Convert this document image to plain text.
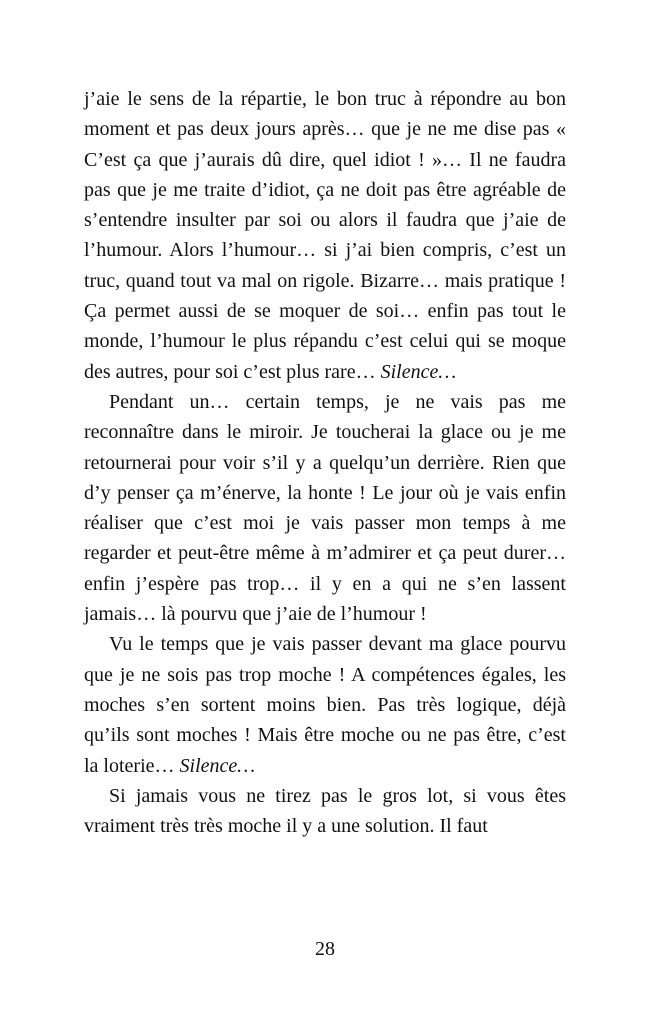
j’aie le sens de la répartie, le bon truc à répondre au bon moment et pas deux jours après… que je ne me dise pas « C’est ça que j’aurais dû dire, quel idiot ! »… Il ne faudra pas que je me traite d’idiot, ça ne doit pas être agréable de s’entendre insulter par soi ou alors il faudra que j’aie de l’humour. Alors l’humour… si j’ai bien compris, c’est un truc, quand tout va mal on rigole. Bizarre… mais pratique ! Ça permet aussi de se moquer de soi… enfin pas tout le monde, l’humour le plus répandu c’est celui qui se moque des autres, pour soi c’est plus rare… Silence…

Pendant un… certain temps, je ne vais pas me reconnaître dans le miroir. Je toucherai la glace ou je me retournerai pour voir s’il y a quelqu’un derrière. Rien que d’y penser ça m’énerve, la honte ! Le jour où je vais enfin réaliser que c’est moi je vais passer mon temps à me regarder et peut-être même à m’admirer et ça peut durer… enfin j’espère pas trop… il y en a qui ne s’en lassent jamais… là pourvu que j’aie de l’humour !

Vu le temps que je vais passer devant ma glace pourvu que je ne sois pas trop moche ! A compétences égales, les moches s’en sortent moins bien. Pas très logique, déjà qu’ils sont moches ! Mais être moche ou ne pas être, c’est la loterie… Silence…

Si jamais vous ne tirez pas le gros lot, si vous êtes vraiment très très moche il y a une solution. Il faut

28
